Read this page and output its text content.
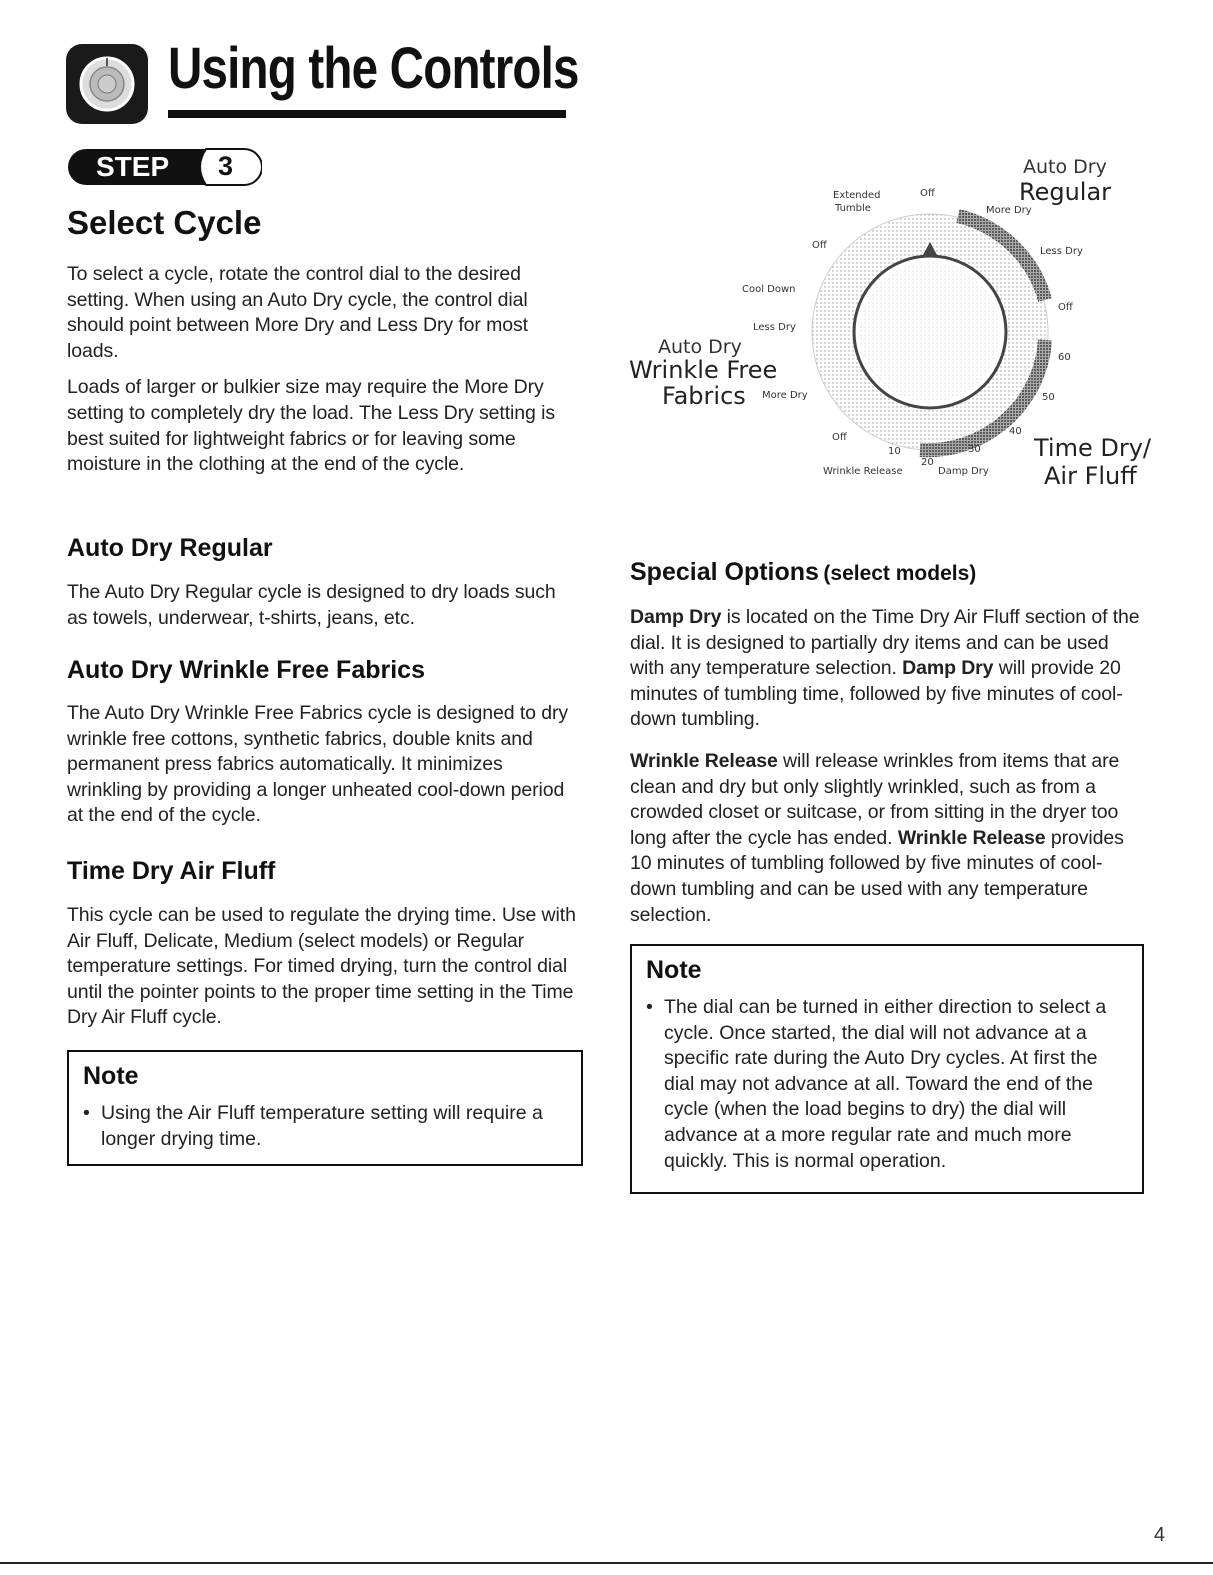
Using the Controls
STEP 3
Select Cycle

To select a cycle, rotate the control dial to the desired setting. When using an Auto Dry cycle, the control dial should point between More Dry and Less Dry for most loads.

Loads of larger or bulkier size may require the More Dry setting to completely dry the load. The Less Dry setting is best suited for lightweight fabrics or for leaving some moisture in the clothing at the end of the cycle.

Auto Dry Regular
The Auto Dry Regular cycle is designed to dry loads such as towels, underwear, t-shirts, jeans, etc.
Auto Dry Wrinkle Free Fabrics
The Auto Dry Wrinkle Free Fabrics cycle is designed to dry wrinkle free cottons, synthetic fabrics, double knits and permanent press fabrics automatically. It minimizes wrinkling by providing a longer unheated cool-down period at the end of the cycle.
Time Dry Air Fluff
This cycle can be used to regulate the drying time. Use with Air Fluff, Delicate, Medium (select models) or Regular temperature settings. For timed drying, turn the control dial until the pointer points to the proper time setting in the Time Dry Air Fluff cycle.
Note
• Using the Air Fluff temperature setting will require a longer drying time.
Auto Dry
Regular
Extended
Tumble
Off
More Dry
Less Dry
Off
Cool Down
Less Dry
Auto Dry
Wrinkle Free
Fabrics More Dry
Off
60
50
40
30
20
10
Off
Wrinkle Release	Damp Dry
Time Dry/
Air Fluff
Special Options (select models)
Damp Dry is located on the Time Dry Air Fluff section of the dial. It is designed to partially dry items and can be used with any temperature selection. Damp Dry will provide 20 minutes of tumbling time, followed by five minutes of cool-down tumbling.
Wrinkle Release will release wrinkles from items that are clean and dry but only slightly wrinkled, such as from a crowded closet or suitcase, or from sitting in the dryer too long after the cycle has ended. Wrinkle Release provides 10 minutes of tumbling followed by five minutes of cool-down tumbling and can be used with any temperature selection.
Note
• The dial can be turned in either direction to select a cycle. Once started, the dial will not advance at a specific rate during the Auto Dry cycles. At first the dial may not advance at all. Toward the end of the cycle (when the load begins to dry) the dial will advance at a more regular rate and much more quickly. This is normal operation.
4
